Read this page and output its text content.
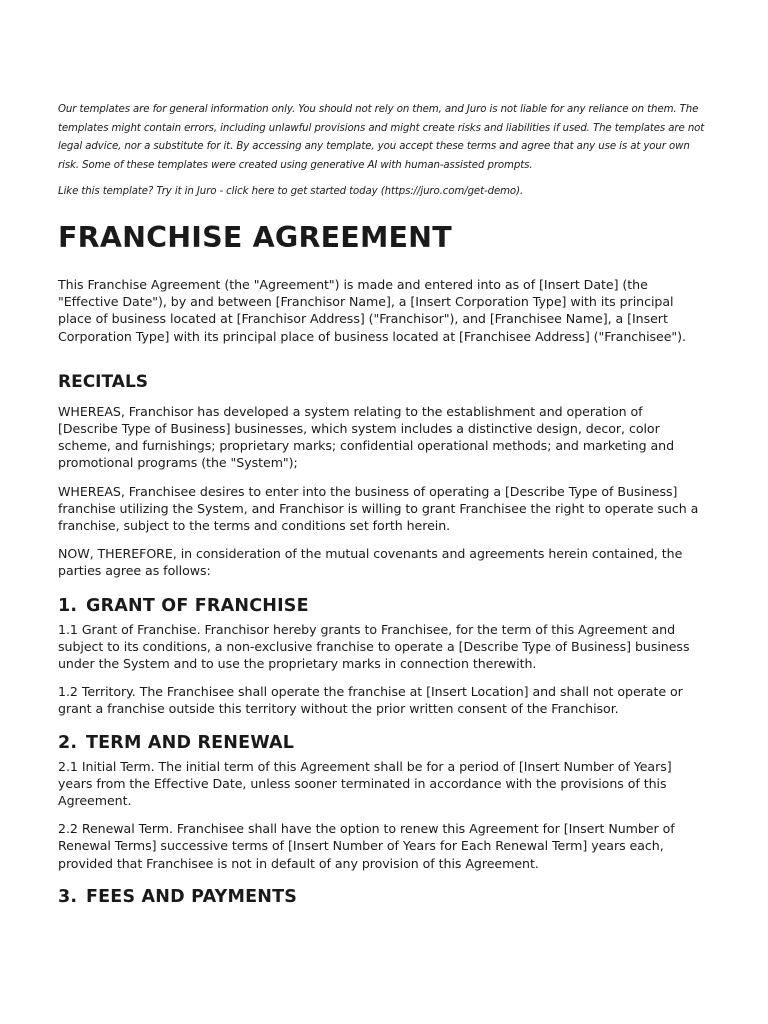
Our templates are for general information only. You should not rely on them, and Juro is not liable for any reliance on them. The templates might contain errors, including unlawful provisions and might create risks and liabilities if used. The templates are not legal advice, nor a substitute for it. By accessing any template, you accept these terms and agree that any use is at your own risk. Some of these templates were created using generative AI with human-assisted prompts.

Like this template? Try it in Juro - click here to get started today (https://juro.com/get-demo).

FRANCHISE AGREEMENT

This Franchise Agreement (the "Agreement") is made and entered into as of [Insert Date] (the "Effective Date"), by and between [Franchisor Name], a [Insert Corporation Type] with its principal place of business located at [Franchisor Address] ("Franchisor"), and [Franchisee Name], a [Insert Corporation Type] with its principal place of business located at [Franchisee Address] ("Franchisee").

RECITALS

WHEREAS, Franchisor has developed a system relating to the establishment and operation of [Describe Type of Business] businesses, which system includes a distinctive design, decor, color scheme, and furnishings; proprietary marks; confidential operational methods; and marketing and promotional programs (the "System");

WHEREAS, Franchisee desires to enter into the business of operating a [Describe Type of Business] franchise utilizing the System, and Franchisor is willing to grant Franchisee the right to operate such a franchise, subject to the terms and conditions set forth herein.

NOW, THEREFORE, in consideration of the mutual covenants and agreements herein contained, the parties agree as follows:

1. GRANT OF FRANCHISE

1.1 Grant of Franchise. Franchisor hereby grants to Franchisee, for the term of this Agreement and subject to its conditions, a non-exclusive franchise to operate a [Describe Type of Business] business under the System and to use the proprietary marks in connection therewith.

1.2 Territory. The Franchisee shall operate the franchise at [Insert Location] and shall not operate or grant a franchise outside this territory without the prior written consent of the Franchisor.

2. TERM AND RENEWAL

2.1 Initial Term. The initial term of this Agreement shall be for a period of [Insert Number of Years] years from the Effective Date, unless sooner terminated in accordance with the provisions of this Agreement.

2.2 Renewal Term. Franchisee shall have the option to renew this Agreement for [Insert Number of Renewal Terms] successive terms of [Insert Number of Years for Each Renewal Term] years each, provided that Franchisee is not in default of any provision of this Agreement.

3. FEES AND PAYMENTS
